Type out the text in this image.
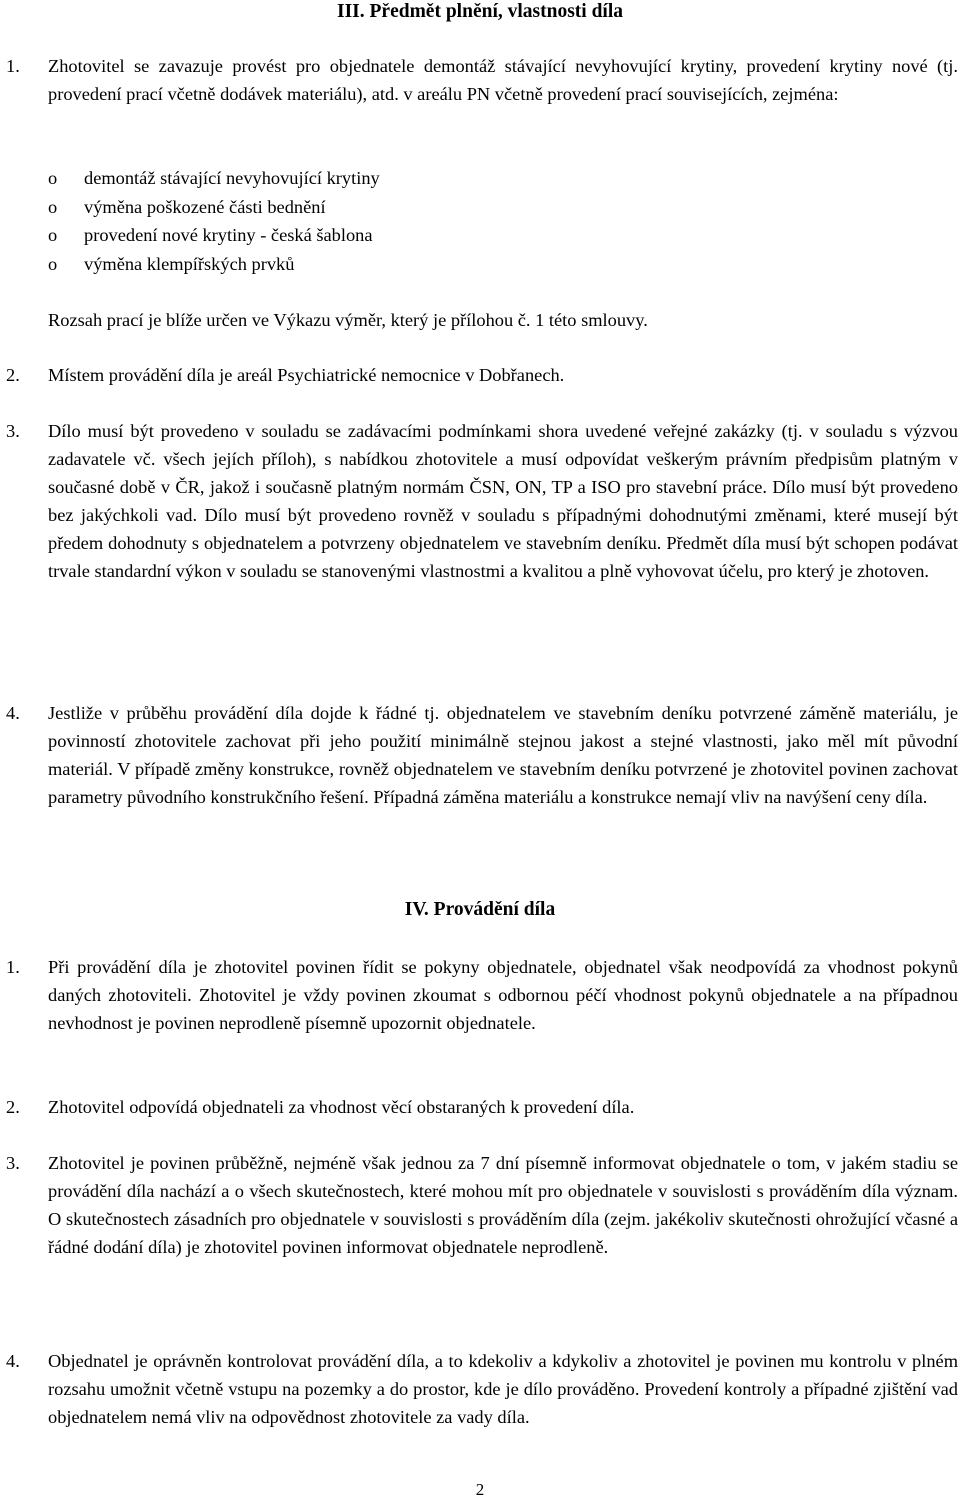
III. Předmět plnění, vlastnosti díla
1. Zhotovitel se zavazuje provést pro objednatele demontáž stávající nevyhovující krytiny, provedení krytiny nové (tj. provedení prací včetně dodávek materiálu), atd. v areálu PN včetně provedení prací souvisejících, zejména:
o demontáž stávající nevyhovující krytiny
o výměna poškozené části bednění
o provedení nové krytiny - česká šablona
o výměna klempířských prvků
Rozsah prací je blíže určen ve Výkazu výměr, který je přílohou č. 1 této smlouvy.
2. Místem provádění díla je areál Psychiatrické nemocnice v Dobřanech.
3. Dílo musí být provedeno v souladu se zadávacími podmínkami shora uvedené veřejné zakázky (tj. v souladu s výzvou zadavatele vč. všech jejích příloh), s nabídkou zhotovitele a musí odpovídat veškerým právním předpisům platným v současné době v ČR, jakož i současně platným normám ČSN, ON, TP a ISO pro stavební práce. Dílo musí být provedeno bez jakýchkoli vad. Dílo musí být provedeno rovněž v souladu s případnými dohodnutými změnami, které musejí být předem dohodnuty s objednatelem a potvrzeny objednatelem ve stavebním deníku. Předmět díla musí být schopen podávat trvale standardní výkon v souladu se stanovenými vlastnostmi a kvalitou a plně vyhovovat účelu, pro který je zhotoven.
4. Jestliže v průběhu provádění díla dojde k řádné tj. objednatelem ve stavebním deníku potvrzené záměně materiálu, je povinností zhotovitele zachovat při jeho použití minimálně stejnou jakost a stejné vlastnosti, jako měl mít původní materiál. V případě změny konstrukce, rovněž objednatelem ve stavebním deníku potvrzené je zhotovitel povinen zachovat parametry původního konstrukčního řešení. Případná záměna materiálu a konstrukce nemají vliv na navýšení ceny díla.
IV. Provádění díla
1. Při provádění díla je zhotovitel povinen řídit se pokyny objednatele, objednatel však neodpovídá za vhodnost pokynů daných zhotoviteli. Zhotovitel je vždy povinen zkoumat s odbornou péčí vhodnost pokynů objednatele a na případnou nevhodnost je povinen neprodleně písemně upozornit objednatele.
2. Zhotovitel odpovídá objednateli za vhodnost věcí obstaraných k provedení díla.
3. Zhotovitel je povinen průběžně, nejméně však jednou za 7 dní písemně informovat objednatele o tom, v jakém stadiu se provádění díla nachází a o všech skutečnostech, které mohou mít pro objednatele v souvislosti s prováděním díla význam. O skutečnostech zásadních pro objednatele v souvislosti s prováděním díla (zejm. jakékoliv skutečnosti ohrožující včasné a řádné dodání díla) je zhotovitel povinen informovat objednatele neprodleně.
4. Objednatel je oprávněn kontrolovat provádění díla, a to kdekoliv a kdykoliv a zhotovitel je povinen mu kontrolu v plném rozsahu umožnit včetně vstupu na pozemky a do prostor, kde je dílo prováděno. Provedení kontroly a případné zjištění vad objednatelem nemá vliv na odpovědnost zhotovitele za vady díla.
2
